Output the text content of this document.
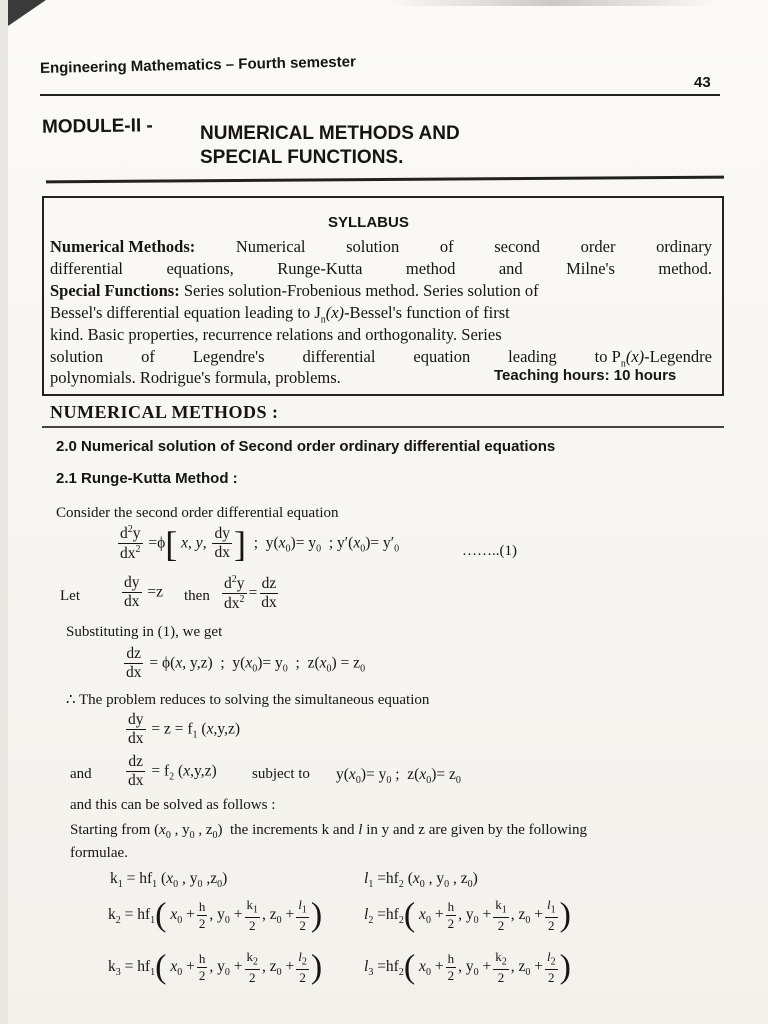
Engineering Mathematics – Fourth semester
43
MODULE-II - NUMERICAL METHODS AND
SPECIAL FUNCTIONS.
SYLLABUS
Numerical Methods: Numerical solution of second order ordinary
differential	equations,	Runge-Kutta	method	and	Milne's	method.
Special Functions: Series solution-Frobenious method. Series solution of
Bessel's differential equation leading to $J_n(x)-Bessel's$ function of first
kind. Basic properties, recurrence relations and orthogonality. Series
solution of Legendre's differential equation leading to $P_n(x)$-Legendre
polynomials. Rodrigue's formula, problems.	Teaching hours: 10 hours
NUMERICAL METHODS :
2.0 Numerical solution of Second order ordinary differential equations
2.1 Runge-Kutta Method :
Consider the second order differential equation
$\frac{d^2y}{dx^2} =\phi$[ x, y, $\frac{dy}{dx}$ ]  ;  $y(x_0)= y_0$  ; $y'(x_0)= y'_0$	……..(1)
Let	$\frac{dy}{dx} =z$ then $\frac{d^2y}{dx^2} = \frac{dz}{dx}$
Substituting in (1), we get
$\frac{dz}{dx} = \phi(x$, y,z)  ;  $y(x_0)= y_0$  ;  $z(x_0) = z_0$
∴ The problem reduces to solving the simultaneous equation
$\frac{dy}{dx} = z = f_1$ (x,y,z)
and $\frac{dz}{dx} = f_2$ (x,y,z) subject to $y(x_0)= y_0$ ;  $z(x_0)= z_0$
and this can be solved as follows :
Starting from ($x_0$ , $y_0$ , $z_0$)  the increments k and l in y and z are given by the following
formulae.
$k_1 = hf_1$ ($x_0$ , $y_0$ $,z_0$)	$l_1 =hf_2$ ($x_0$ , $y_0$ , $z_0$)
$k_2 = hf_1$( $x_0 + \frac{h}{2}$ , $y_0 + \frac{k_1}{2}$ , $z_0 + \frac{l_1}{2}$ )	$l_2 =hf_2$( $x_0 + \frac{h}{2}$ , $y_0 + \frac{k_1}{2}$ , $z_0 + \frac{l_1}{2}$ )
$k_3 = hf_1$( $x_0 + \frac{h}{2}$ , $y_0 + \frac{k_2}{2}$ , $z_0 + \frac{l_2}{2}$ )	$l_3 =hf_2$( $x_0 + \frac{h}{2}$ , $y_0 + \frac{k_2}{2}$ , $z_0 + \frac{l_2}{2}$ )
